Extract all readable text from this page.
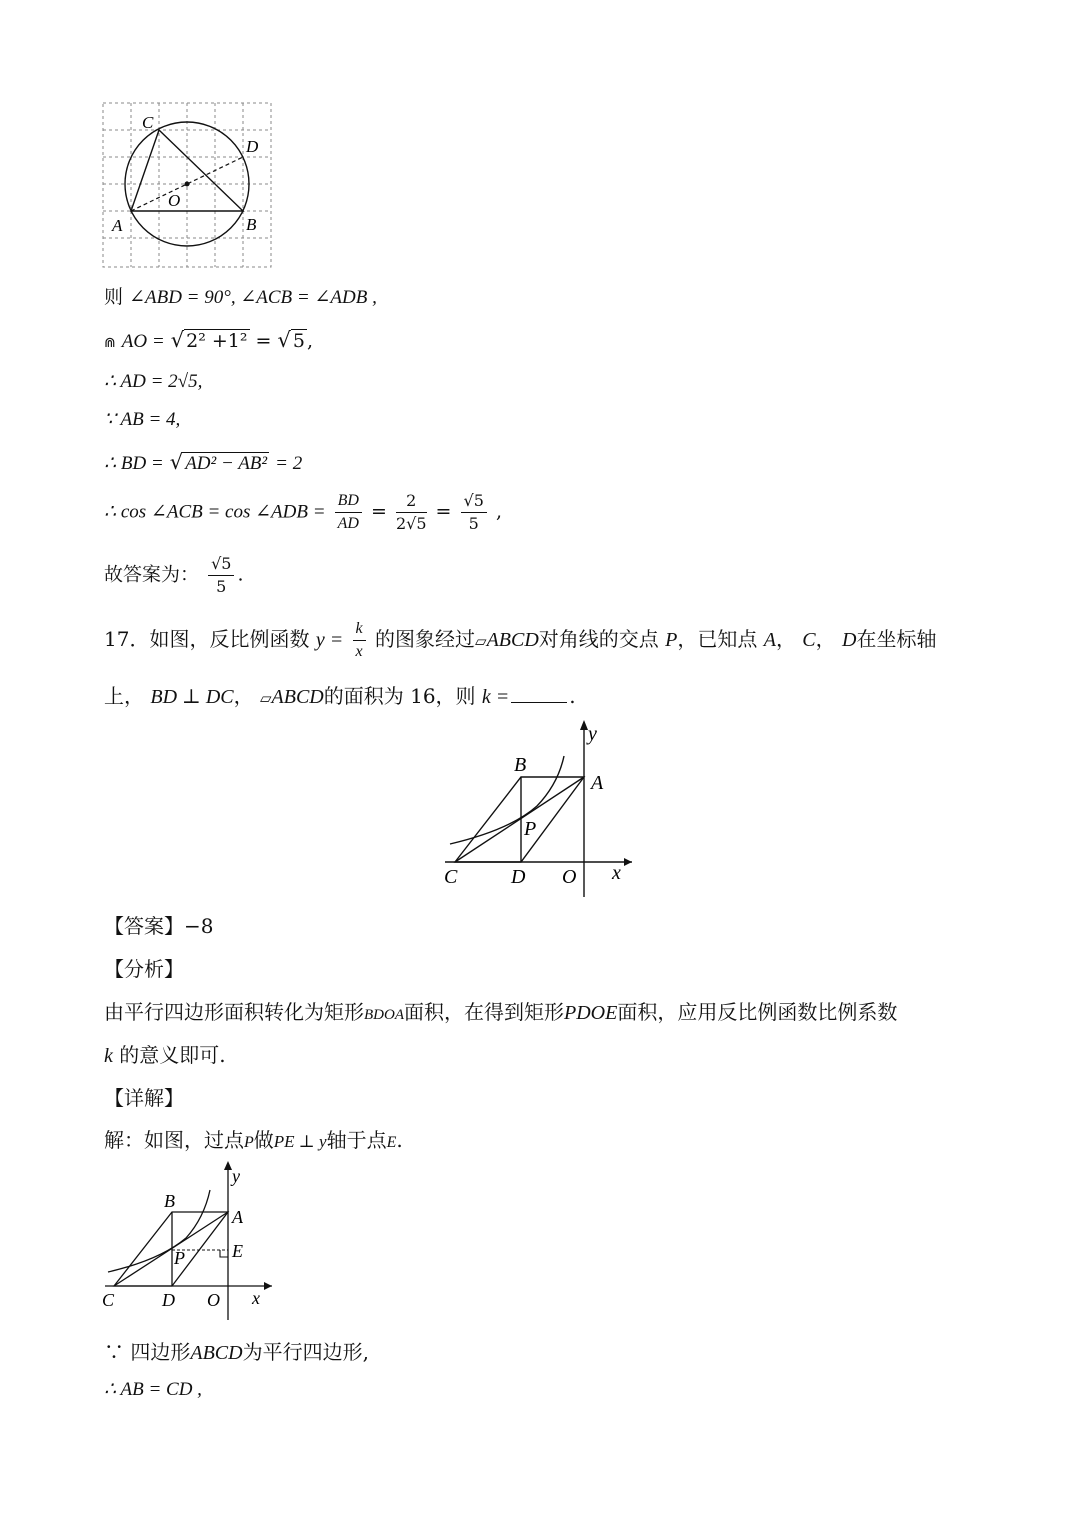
C
D
O
A	B
则 ∠ABD = 90°, ∠ACB = ∠ADB ,
⋒ AO = √ 2² +1² = √ 5 ,
∴ AD = 2√5,
∵ AB = 4,
∴ BD = √ AD² − AB² = 2
∴ cos ∠ACB = cos ∠ADB = $\frac{BD}{AD} = \frac{2}{2√5} = \frac{√5}{5}$ ,
故答案为： $\frac{√5}{5}$ .
17．如图，反比例函数 $y = \frac{k}{x}$ 的图象经过▱ABCD对角线的交点 P，已知点 A， C， D在坐标轴
上， BD ⊥ DC， ▱ABCD的面积为 16，则 k =	.
y
B
A
P
C	D O x
【答案】−8
【分析】
由平行四边形面积转化为矩形BDOA面积，在得到矩形PDOE面积，应用反比例函数比例系数
k 的意义即可.
【详解】
解：如图，过点P做PE ⊥ y轴于点E.
y
B
A
E
P
C	D O x
∵ 四边形ABCD为平行四边形,
∴ AB = CD ,
